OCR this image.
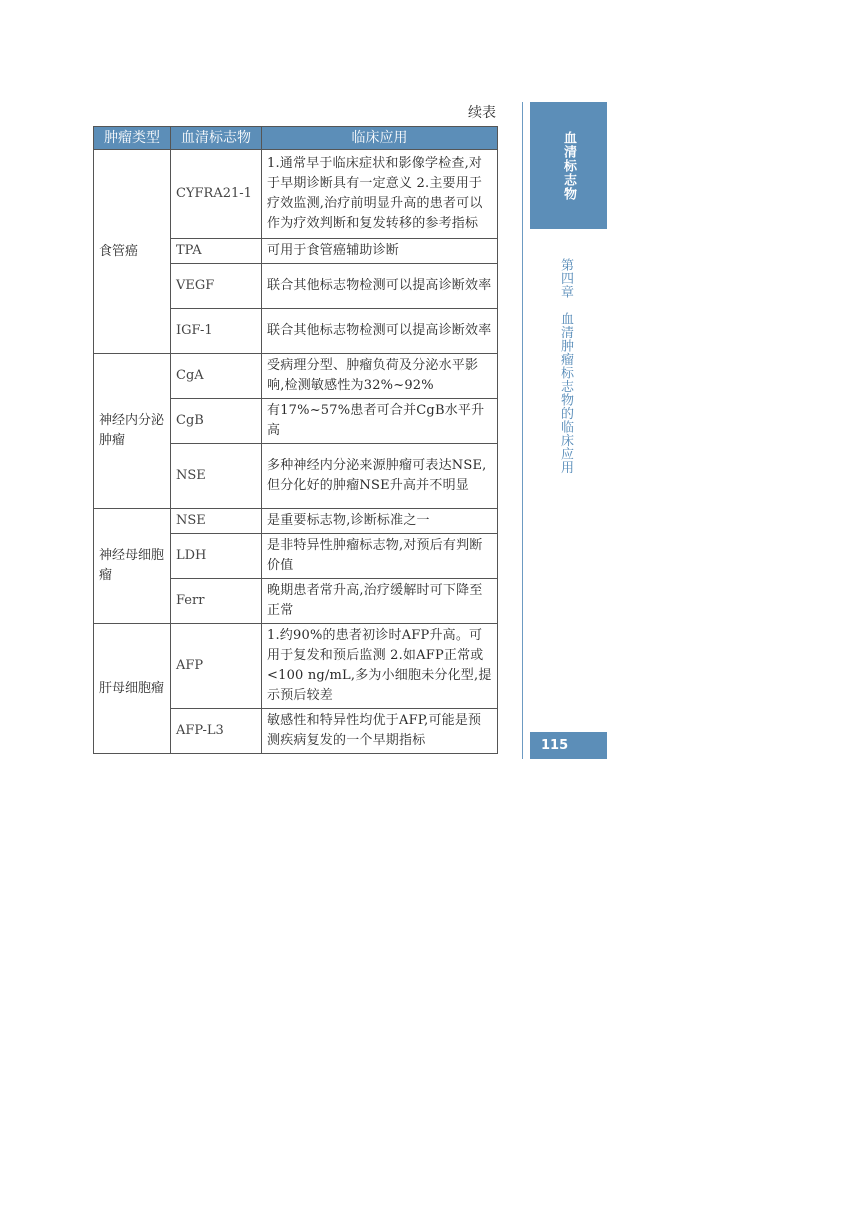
续表
肿瘤类型	血清标志物	临床应用
食管癌	CYFRA21-1	1.通常早于临床症状和影像学检查,对于早期诊断具有一定意义 2.主要用于疗效监测,治疗前明显升高的患者可以作为疗效判断和复发转移的参考指标
	TPA	可用于食管癌辅助诊断
	VEGF	联合其他标志物检测可以提高诊断效率
	IGF-1	联合其他标志物检测可以提高诊断效率
神经内分泌肿瘤	CgA	受病理分型、肿瘤负荷及分泌水平影响,检测敏感性为32%~92%
	CgB	有17%~57%患者可合并CgB水平升高
	NSE	多种神经内分泌来源肿瘤可表达NSE,但分化好的肿瘤NSE升高并不明显
神经母细胞瘤	NSE	是重要标志物,诊断标准之一
	LDH	是非特异性肿瘤标志物,对预后有判断价值
	Ferr	晚期患者常升高,治疗缓解时可下降至正常
肝母细胞瘤	AFP	1.约90%的患者初诊时AFP升高。可用于复发和预后监测 2.如AFP正常或<100 ng/mL,多为小细胞未分化型,提示预后较差
	AFP-L3	敏感性和特异性均优于AFP,可能是预测疾病复发的一个早期指标
血清标志物
第四章　血清肿瘤标志物的临床应用
115
